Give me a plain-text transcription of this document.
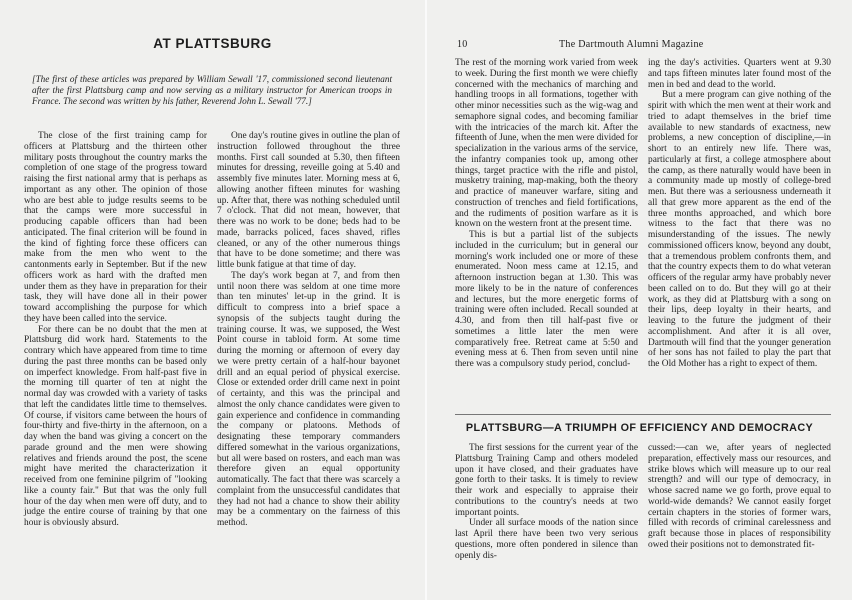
AT PLATTSBURG

[The first of these articles was prepared by William Sewall '17, commissioned second lieutenant after the first Plattsburg camp and now serving as a military instructor for American troops in France. The second was written by his father, Reverend John L. Sewall '77.]

The close of the first training camp for officers at Plattsburg and the thirteen other military posts throughout the country marks the completion of one stage of the progress toward raising the first national army that is perhaps as important as any other. The opinion of those who are best able to judge results seems to be that the camps were more successful in producing capable officers than had been anticipated. The final criterion will be found in the kind of fighting force these officers can make from the men who went to the cantonments early in September. But if the new officers work as hard with the drafted men under them as they have in preparation for their task, they will have done all in their power toward accomplishing the purpose for which they have been called into the service.

For there can be no doubt that the men at Plattsburg did work hard. Statements to the contrary which have appeared from time to time during the past three months can be based only on imperfect knowledge. From half-past five in the morning till quarter of ten at night the normal day was crowded with a variety of tasks that left the candidates little time to themselves. Of course, if visitors came between the hours of four-thirty and five-thirty in the afternoon, on a day when the band was giving a concert on the parade ground and the men were showing relatives and friends around the post, the scene might have merited the characterization it received from one feminine pilgrim of "looking like a county fair." But that was the only full hour of the day when men were off duty, and to judge the entire course of training by that one hour is obviously absurd.

One day's routine gives in outline the plan of instruction followed throughout the three months. First call sounded at 5.30, then fifteen minutes for dressing, reveille going at 5.40 and assembly five minutes later. Morning mess at 6, allowing another fifteen minutes for washing up. After that, there was nothing scheduled until 7 o'clock. That did not mean, however, that there was no work to be done; beds had to be made, barracks policed, faces shaved, rifles cleaned, or any of the other numerous things that have to be done sometime; and there was little bunk fatigue at that time of day.

The day's work began at 7, and from then until noon there was seldom at one time more than ten minutes' let-up in the grind. It is difficult to compress into a brief space a synopsis of the subjects taught during the training course. It was, we supposed, the West Point course in tabloid form. At some time during the morning or afternoon of every day we were pretty certain of a half-hour bayonet drill and an equal period of physical exercise. Close or extended order drill came next in point of certainty, and this was the principal and almost the only chance candidates were given to gain experience and confidence in commanding the company or platoons. Methods of designating these temporary commanders differed somewhat in the various organizations, but all were based on rosters, and each man was therefore given an equal opportunity automatically. The fact that there was scarcely a complaint from the unsuccessful candidates that they had not had a chance to show their ability may be a commentary on the fairness of this method.

10	The Dartmouth Alumni Magazine

The rest of the morning work varied from week to week. During the first month we were chiefly concerned with the mechanics of marching and handling troops in all formations, together with other minor necessities such as the wig-wag and semaphore signal codes, and becoming familiar with the intricacies of the march kit. After the fifteenth of June, when the men were divided for specialization in the various arms of the service, the infantry companies took up, among other things, target practice with the rifle and pistol, musketry training, map-making, both the theory and practice of maneuver warfare, siting and construction of trenches and field fortifications, and the rudiments of position warfare as it is known on the western front at the present time.

This is but a partial list of the subjects included in the curriculum; but in general our morning's work included one or more of these enumerated. Noon mess came at 12.15, and afternoon instruction began at 1.30. This was more likely to be in the nature of conferences and lectures, but the more energetic forms of training were often included. Recall sounded at 4.30, and from then till half-past five or sometimes a little later the men were comparatively free. Retreat came at 5:50 and evening mess at 6. Then from seven until nine there was a compulsory study period, conclud-

ing the day's activities. Quarters went at 9.30 and taps fifteen minutes later found most of the men in bed and dead to the world.

But a mere program can give nothing of the spirit with which the men went at their work and tried to adapt themselves in the brief time available to new standards of exactness, new problems, a new conception of discipline,—in short to an entirely new life. There was, particularly at first, a college atmosphere about the camp, as there naturally would have been in a community made up mostly of college-bred men. But there was a seriousness underneath it all that grew more apparent as the end of the three months approached, and which bore witness to the fact that there was no misunderstanding of the issues. The newly commissioned officers know, beyond any doubt, that a tremendous problem confronts them, and that the country expects them to do what veteran officers of the regular army have probably never been called on to do. But they will go at their work, as they did at Plattsburg with a song on their lips, deep loyalty in their hearts, and leaving to the future the judgment of their accomplishment. And after it is all over, Dartmouth will find that the younger generation of her sons has not failed to play the part that the Old Mother has a right to expect of them.

PLATTSBURG—A TRIUMPH OF EFFICIENCY AND DEMOCRACY

The first sessions for the current year of the Plattsburg Training Camp and others modeled upon it have closed, and their graduates have gone forth to their tasks. It is timely to review their work and especially to appraise their contributions to the country's needs at two important points.

Under all surface moods of the nation since last April there have been two very serious questions, more often pondered in silence than openly dis-

cussed:—can we, after years of neglected preparation, effectively mass our resources, and strike blows which will measure up to our real strength? and will our type of democracy, in whose sacred name we go forth, prove equal to world-wide demands? We cannot easily forget certain chapters in the stories of former wars, filled with records of criminal carelessness and graft because those in places of responsibility owed their positions not to demonstrated fit-
